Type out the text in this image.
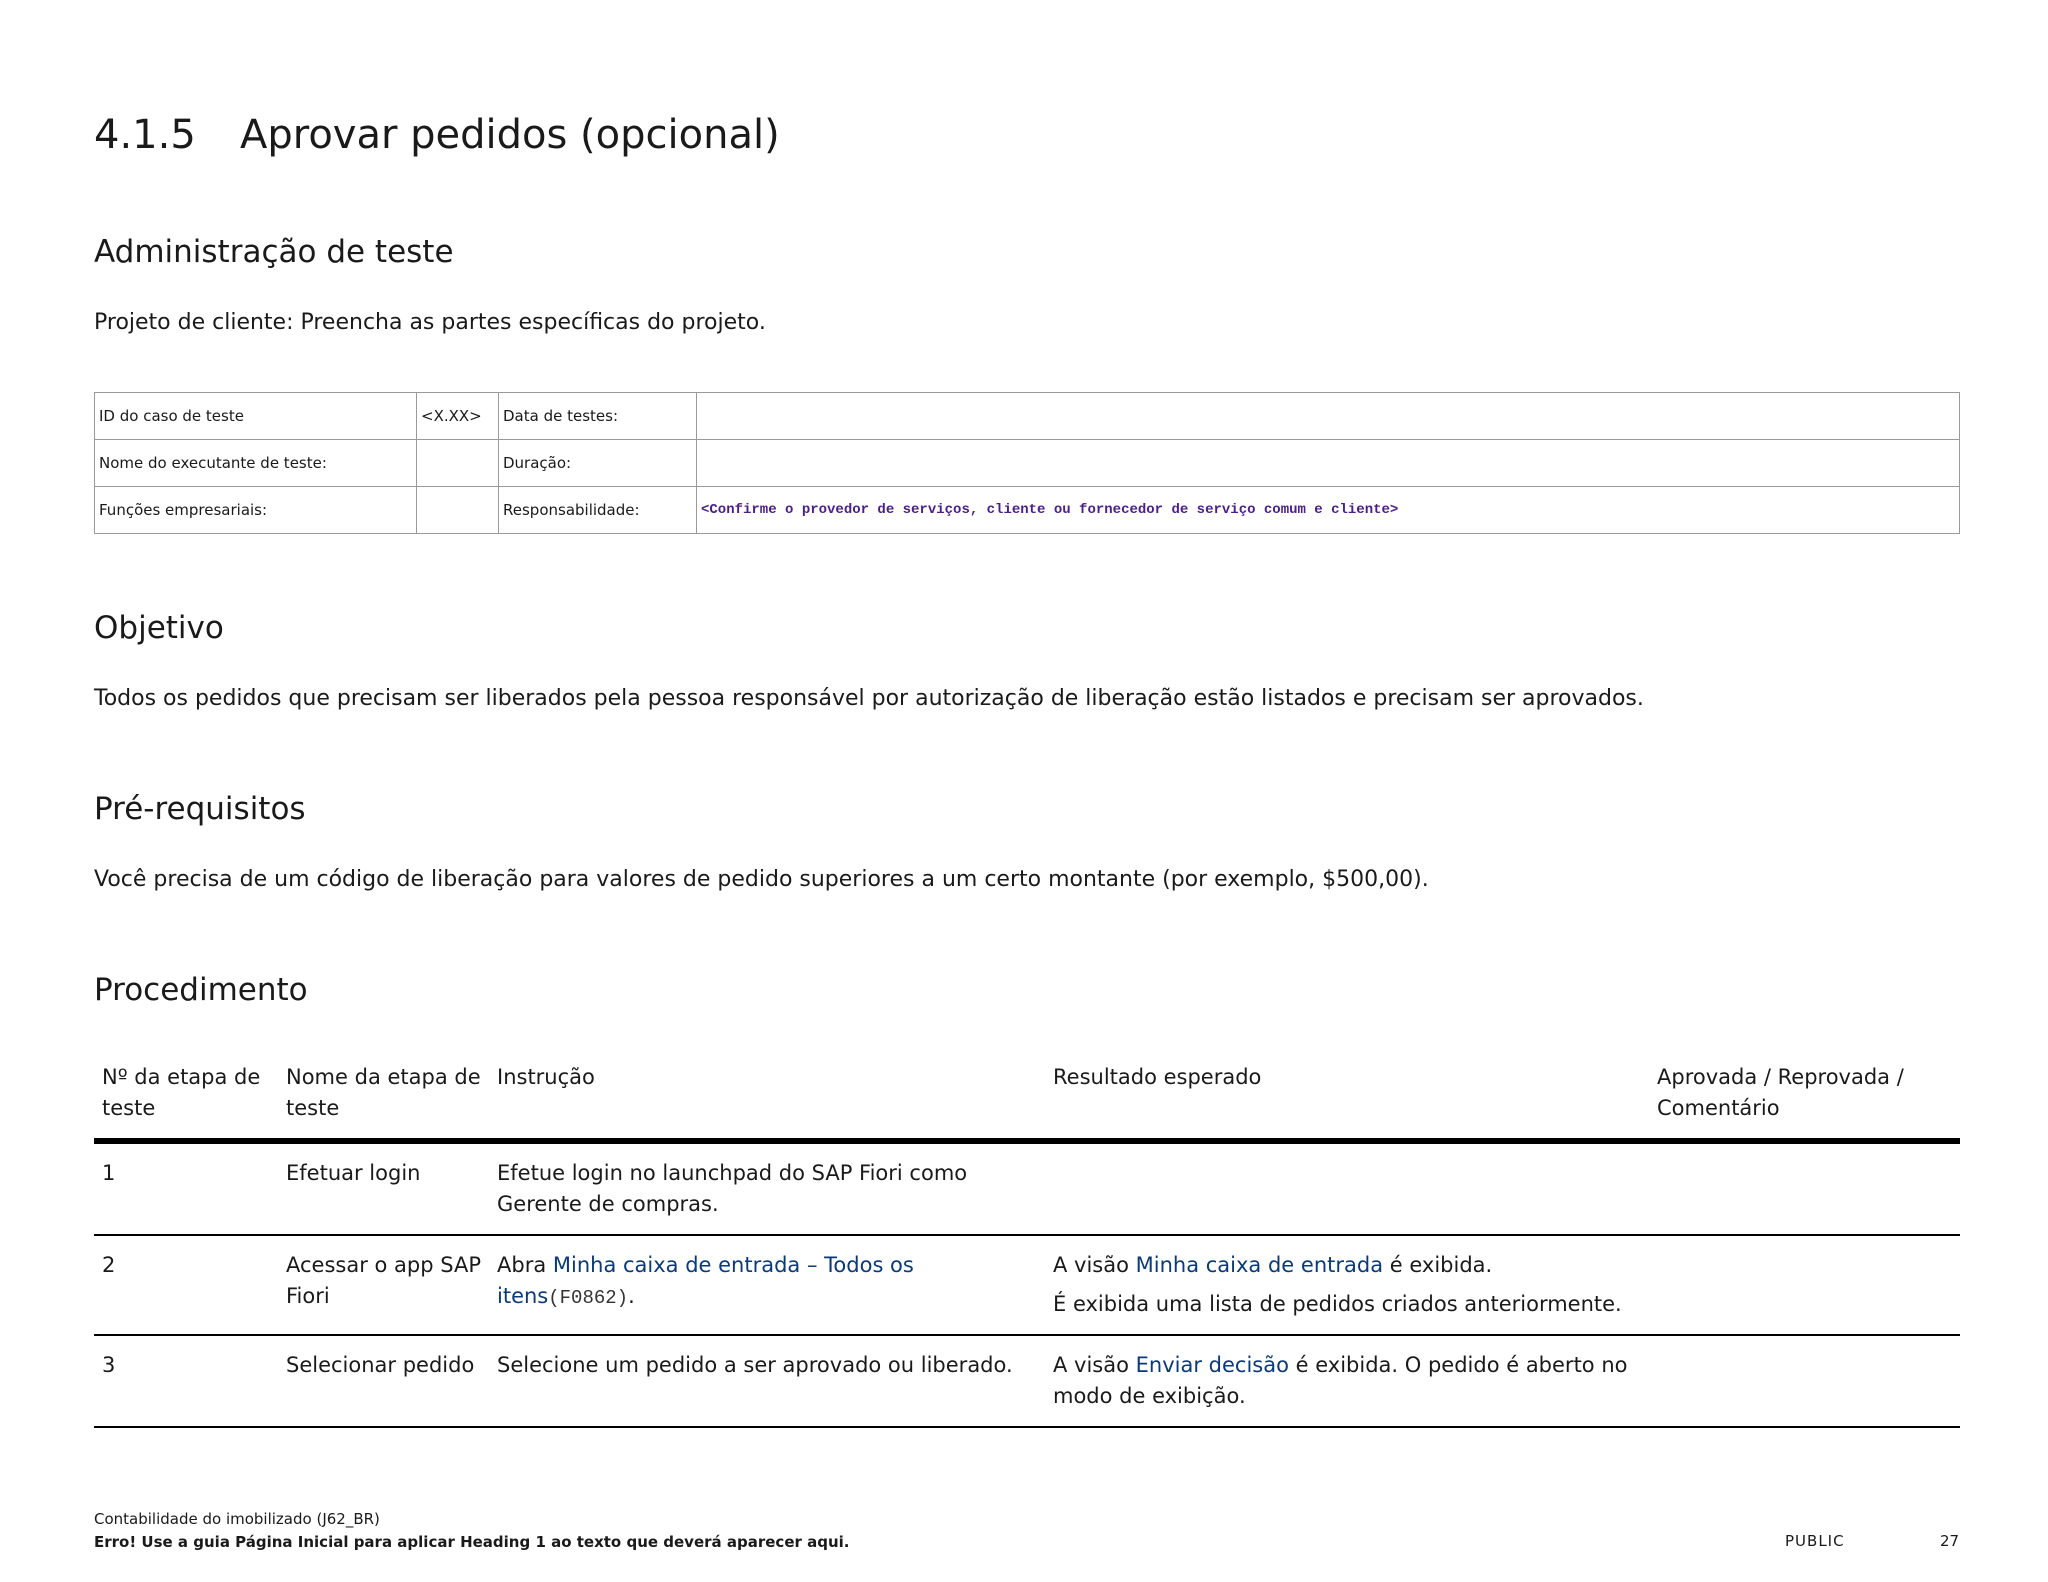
4.1.5 Aprovar pedidos (opcional)
Administração de teste

Projeto de cliente: Preencha as partes específicas do projeto.

ID do caso de teste	<X.XX>	Data de testes:	
Nome do executante de teste:		Duração:	
Funções empresariais:		Responsabilidade:	<Confirme o provedor de serviços, cliente ou fornecedor de serviço comum e cliente>
Objetivo

Todos os pedidos que precisam ser liberados pela pessoa responsável por autorização de liberação estão listados e precisam ser aprovados.

Pré-requisitos

Você precisa de um código de liberação para valores de pedido superiores a um certo montante (por exemplo, $500,00).

Procedimento
Nº da etapa de teste	Nome da etapa de teste	Instrução	Resultado esperado	Aprovada / Reprovada / Comentário
1	Efetuar login	Efetue login no launchpad do SAP Fiori como Gerente de compras.		
2	Acessar o app SAP Fiori	Abra Minha caixa de entrada – Todos os itens(F0862).	A visão Minha caixa de entrada é exibida.
É exibida uma lista de pedidos criados anteriormente.	

3	Selecionar pedido	Selecione um pedido a ser aprovado ou liberado.	A visão Enviar decisão é exibida. O pedido é aberto no modo de exibição.	
Contabilidade do imobilizado (J62_BR)
Erro! Use a guia Página Inicial para aplicar Heading 1 ao texto que deverá aparecer aqui.	PUBLIC	27
